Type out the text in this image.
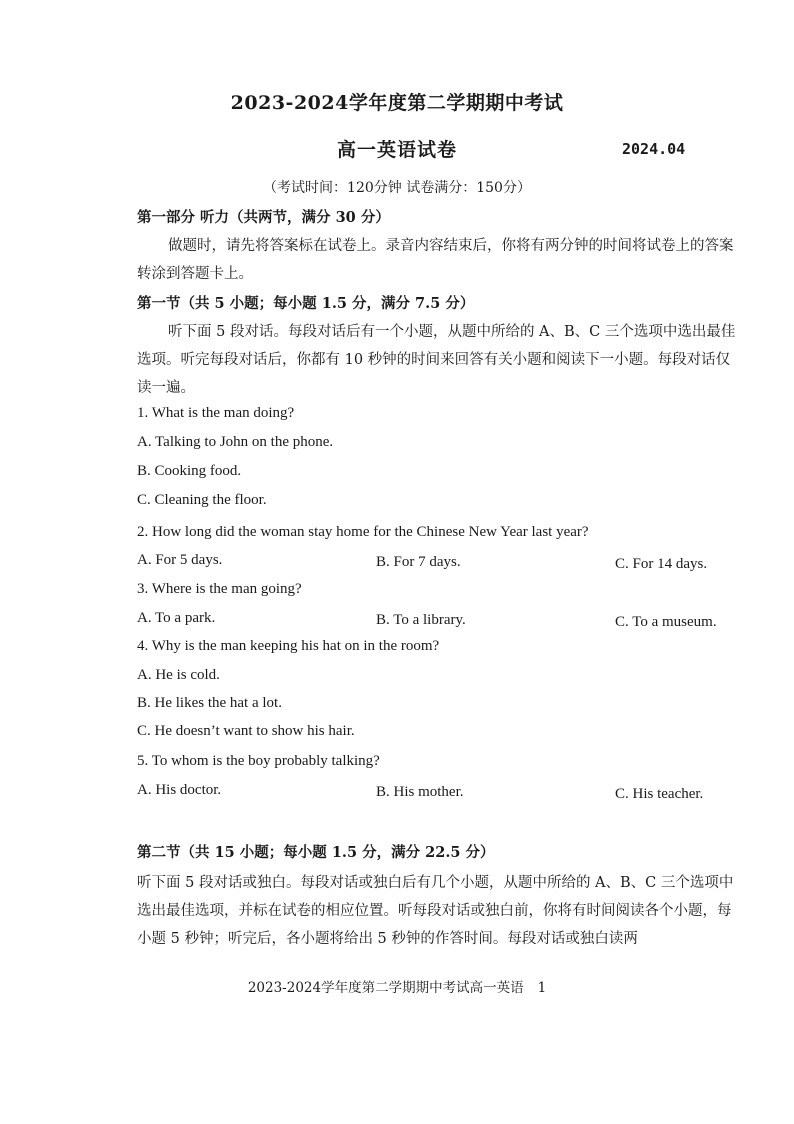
2023-2024学年度第二学期期中考试
高一英语试卷	2024.04
（考试时间：120分钟 试卷满分：150分）
第一部分 听力（共两节，满分 30 分）
做题时，请先将答案标在试卷上。录音内容结束后，你将有两分钟的时间将试卷上的答案转涂到答题卡上。
第一节（共 5 小题；每小题 1.5 分，满分 7.5 分）
听下面 5 段对话。每段对话后有一个小题，从题中所给的 A、B、C 三个选项中选出最佳选项。听完每段对话后，你都有 10 秒钟的时间来回答有关小题和阅读下一小题。每段对话仅读一遍。
1. What is the man doing?
A. Talking to John on the phone.
B. Cooking food.
C. Cleaning the floor.
2. How long did the woman stay home for the Chinese New Year last year?
A. For 5 days.	B. For 7 days.	C. For 14 days.
3. Where is the man going?
A. To a park.	B. To a library.	C. To a museum.
4. Why is the man keeping his hat on in the room?
A. He is cold.
B. He likes the hat a lot.
C. He doesn’t want to show his hair.
5. To whom is the boy probably talking?
A. His doctor.	B. His mother.	C. His teacher.
第二节（共 15 小题；每小题 1.5 分，满分 22.5 分）
听下面 5 段对话或独白。每段对话或独白后有几个小题，从题中所给的 A、B、C 三个选项中选出最佳选项，并标在试卷的相应位置。听每段对话或独白前，你将有时间阅读各个小题，每小题 5 秒钟；听完后，各小题将给出 5 秒钟的作答时间。每段对话或独白读两
2023-2024学年度第二学期期中考试高一英语 1
